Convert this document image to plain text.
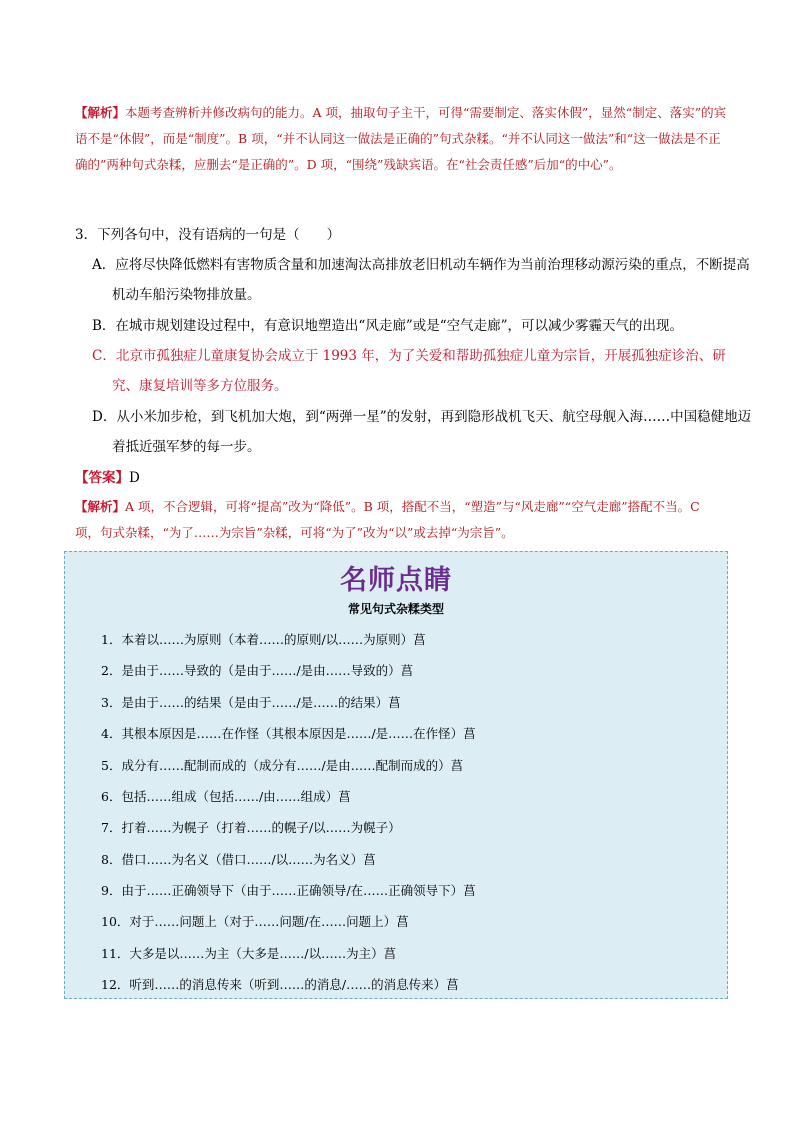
【解析】本题考查辨析并修改病句的能力。A 项，抽取句子主干，可得“需要制定、落实休假”，显然“制定、落实”的宾语不是“休假”，而是“制度”。B 项，“并不认同这一做法是正确的”句式杂糅。“并不认同这一做法”和“这一做法是不正确的”两种句式杂糅，应删去“是正确的”。D 项，“围绕”残缺宾语。在“社会责任感”后加“的中心”。

3．下列各句中，没有语病的一句是（　　）

A．应将尽快降低燃料有害物质含量和加速淘汰高排放老旧机动车辆作为当前治理移动源污染的重点，不断提高机动车船污染物排放量。

B．在城市规划建设过程中，有意识地塑造出“风走廊”或是“空气走廊”，可以减少雾霾天气的出现。

C．北京市孤独症儿童康复协会成立于 1993 年，为了关爱和帮助孤独症儿童为宗旨，开展孤独症诊治、研究、康复培训等多方位服务。

D．从小米加步枪，到飞机加大炮，到“两弹一星”的发射，再到隐形战机飞天、航空母舰入海……中国稳健地迈着抵近强军梦的每一步。

【答案】D

【解析】A 项，不合逻辑，可将“提高”改为“降低”。B 项，搭配不当，“塑造”与“风走廊”“空气走廊”搭配不当。C 项，句式杂糅，“为了……为宗旨”杂糅，可将“为了”改为“以”或去掉“为宗旨”。

名师点睛
常见句式杂糅类型
1．本着以……为原则（本着……的原则/以……为原则）菖
2．是由于……导致的（是由于……/是由……导致的）菖
3．是由于……的结果（是由于……/是……的结果）菖
4．其根本原因是……在作怪（其根本原因是……/是……在作怪）菖
5．成分有……配制而成的（成分有……/是由……配制而成的）菖
6．包括……组成（包括……/由……组成）菖
7．打着……为幌子（打着……的幌子/以……为幌子）
8．借口……为名义（借口……/以……为名义）菖
9．由于……正确领导下（由于……正确领导/在……正确领导下）菖
10．对于……问题上（对于……问题/在……问题上）菖
11．大多是以……为主（大多是……/以……为主）菖
12．听到……的消息传来（听到……的消息/……的消息传来）菖
